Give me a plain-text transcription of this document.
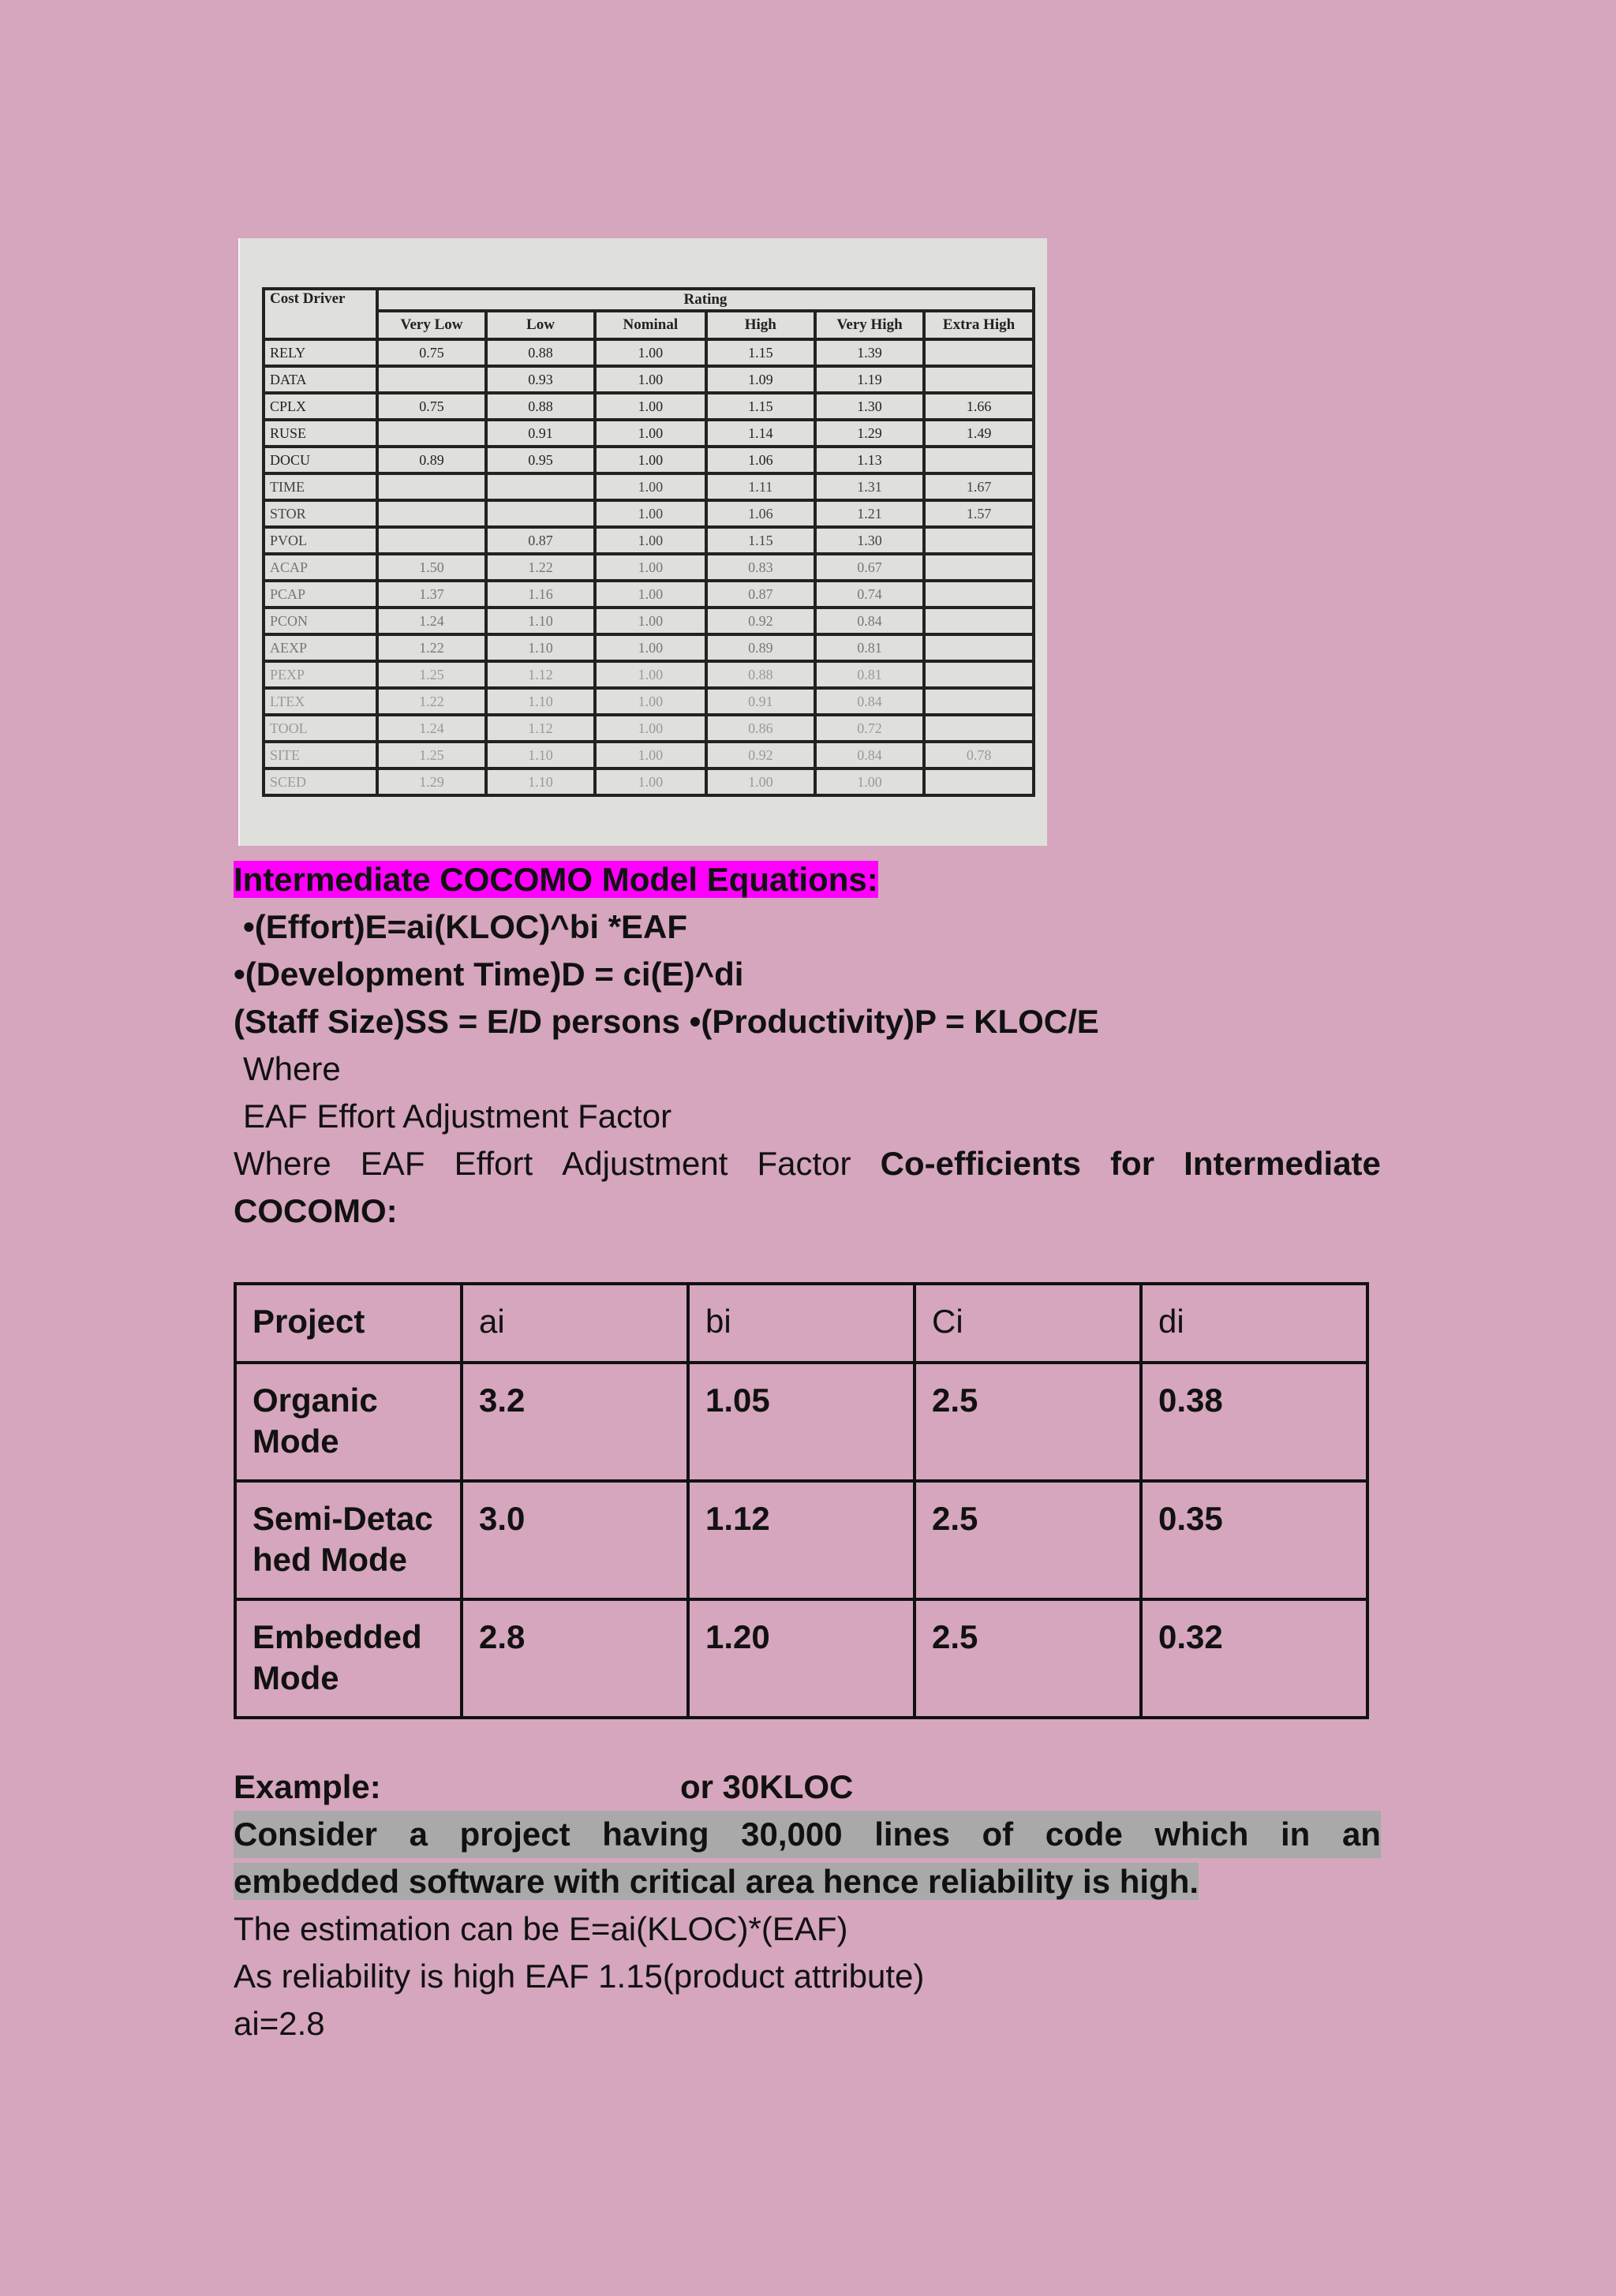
Cost Driver	Rating					
	Very Low	Low	Nominal	High	Very High	Extra High
RELY	0.75	0.88	1.00	1.15	1.39	
DATA		0.93	1.00	1.09	1.19	
CPLX	0.75	0.88	1.00	1.15	1.30	1.66
RUSE		0.91	1.00	1.14	1.29	1.49
DOCU	0.89	0.95	1.00	1.06	1.13	
TIME			1.00	1.11	1.31	1.67
STOR			1.00	1.06	1.21	1.57
PVOL		0.87	1.00	1.15	1.30	
ACAP	1.50	1.22	1.00	0.83	0.67	
PCAP	1.37	1.16	1.00	0.87	0.74	
PCON	1.24	1.10	1.00	0.92	0.84	
AEXP	1.22	1.10	1.00	0.89	0.81	
PEXP	1.25	1.12	1.00	0.88	0.81	
LTEX	1.22	1.10	1.00	0.91	0.84	
TOOL	1.24	1.12	1.00	0.86	0.72	
SITE	1.25	1.10	1.00	0.92	0.84	0.78
SCED	1.29	1.10	1.00	1.00	1.00	
Intermediate COCOMO Model Equations:
•(Effort)E=ai(KLOC)^bi *EAF
•(Development Time)D = ci(E)^di
(Staff Size)SS = E/D persons •(Productivity)P = KLOC/E
Where
EAF Effort Adjustment Factor
Where EAF Effort Adjustment Factor Co-efficients for Intermediate
COCOMO:
Project	ai	bi	Ci	di
Organic Mode	3.2	1.05	2.5	0.38
Semi-Detached Mode	3.0	1.12	2.5	0.35
Embedded Mode	2.8	1.20	2.5	0.32
Example:	or 30KLOC
Consider a project having 30,000 lines of code which in an
embedded software with critical area hence reliability is high.
The estimation can be E=ai(KLOC)*(EAF)
As reliability is high EAF 1.15(product attribute)
ai=2.8
